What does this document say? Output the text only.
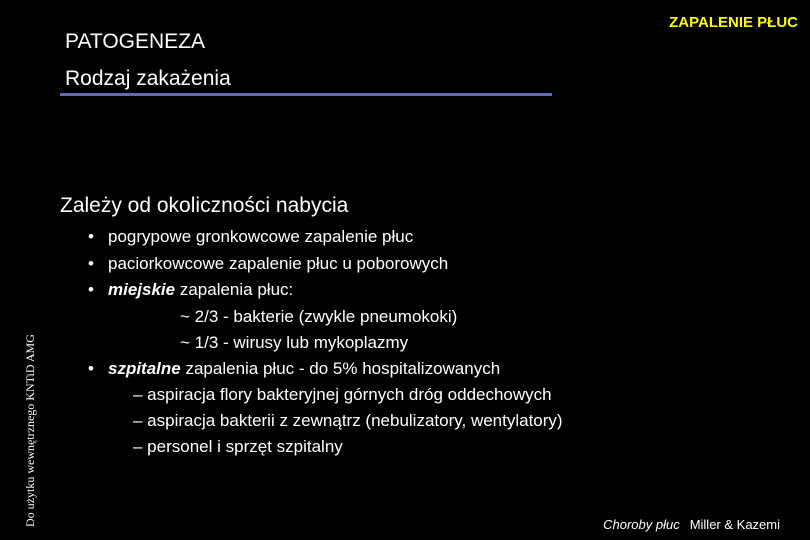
ZAPALENIE PŁUC
PATOGENEZA
Rodzaj zakażenia
Do użytku wewnętrznego KNTiD AMG
Zależy od okoliczności nabycia
• pogrypowe gronkowcowe zapalenie płuc
• paciorkowcowe zapalenie płuc u poborowych
• miejskie zapalenia płuc:
~ 2/3 - bakterie (zwykle pneumokoki)
~ 1/3 - wirusy lub mykoplazmy
• szpitalne zapalenia płuc - do 5% hospitalizowanych
– aspiracja flory bakteryjnej górnych dróg oddechowych
– aspiracja bakterii z zewnątrz (nebulizatory, wentylatory)
– personel i sprzęt szpitalny
Choroby płuc Miller & Kazemi
